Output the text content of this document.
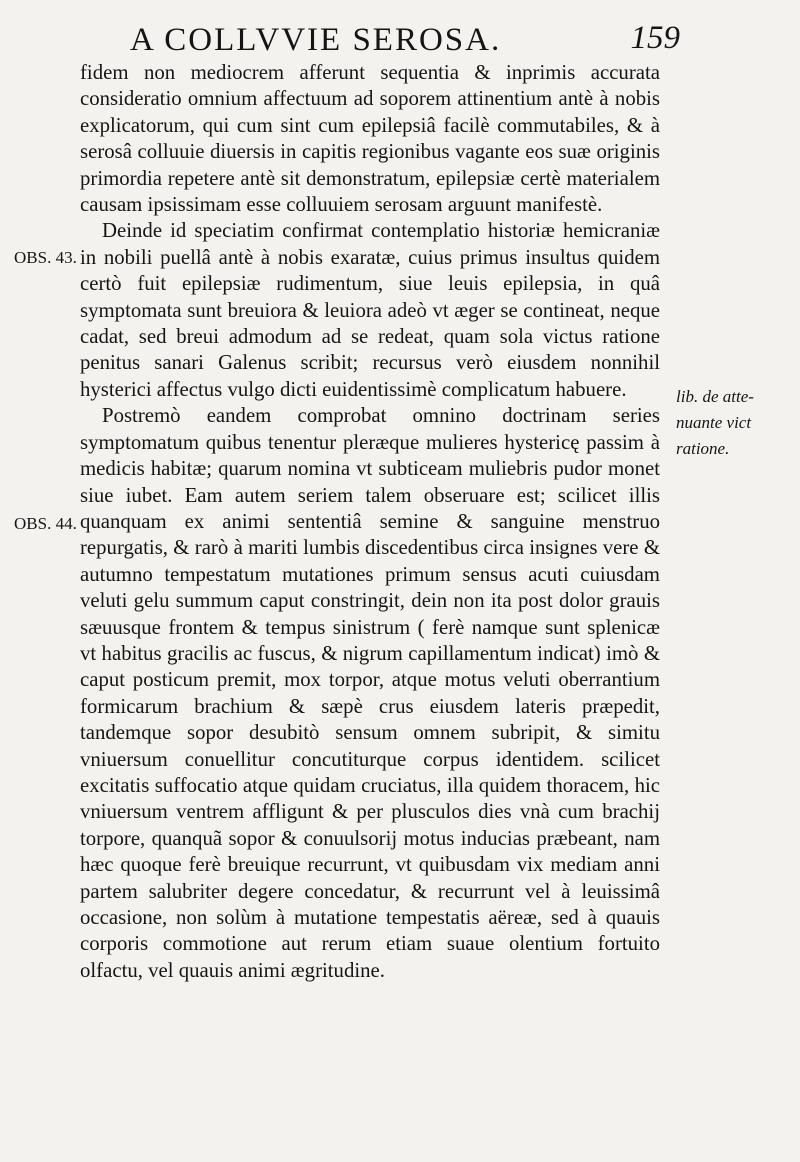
A COLLVVIE SEROSA.	159
OBS. 43.
OBS. 44.
lib. de atte-
nuante vict
ratione.

fidem non mediocrem afferunt sequentia & inprimis accurata consideratio omnium affectuum ad soporem attinentium antè à nobis explicatorum, qui cum sint cum epilepsiâ facilè commutabiles, & à serosâ colluuie diuersis in capitis regionibus vagante eos suæ originis primordia repetere antè sit demonstratum, epilepsiæ certè materialem causam ipsissimam esse colluuiem serosam arguunt manifestè.

Deinde id speciatim confirmat contemplatio historiæ hemicraniæ in nobili puellâ antè à nobis exaratæ, cuius primus insultus quidem certò fuit epilepsiæ rudimentum, siue leuis epilepsia, in quâ symptomata sunt breuiora & leuiora adeò vt æger se contineat, neque cadat, sed breui admodum ad se redeat, quam sola victus ratione penitus sanari Galenus scribit; recursus verò eiusdem nonnihil hysterici affectus vulgo dicti euidentissimè complicatum habuere.

Postremò eandem comprobat omnino doctrinam series symptomatum quibus tenentur pleræque mulieres hystericę passim à medicis habitæ; quarum nomina vt subticeam muliebris pudor monet siue iubet. Eam autem seriem talem obseruare est; scilicet illis quanquam ex animi sententiâ semine & sanguine menstruo repurgatis, & rarò à mariti lumbis discedentibus circa insignes vere & autumno tempestatum mutationes primum sensus acuti cuiusdam veluti gelu summum caput constringit, dein non ita post dolor grauis sæuusque frontem & tempus sinistrum ( ferè namque sunt splenicæ vt habitus gracilis ac fuscus, & nigrum capillamentum indicat) imò & caput posticum premit, mox torpor, atque motus veluti oberrantium formicarum brachium & sæpè crus eiusdem lateris præpedit, tandemque sopor desubitò sensum omnem subripit, & simitu vniuersum conuellitur concutiturque corpus identidem. scilicet excitatis suffocatio atque quidam cruciatus, illa quidem thoracem, hic vniuersum ventrem affligunt & per plusculos dies vnà cum brachij torpore, quanquã sopor & conuulsorij motus inducias præbeant, nam hæc quoque ferè breuique recurrunt, vt quibusdam vix mediam anni partem salubriter degere concedatur, & recurrunt vel à leuissimâ occasione, non solùm à mutatione tempestatis aëreæ, sed à quauis corporis commotione aut rerum etiam suaue olentium fortuito olfactu, vel quauis animi ægritudine.
